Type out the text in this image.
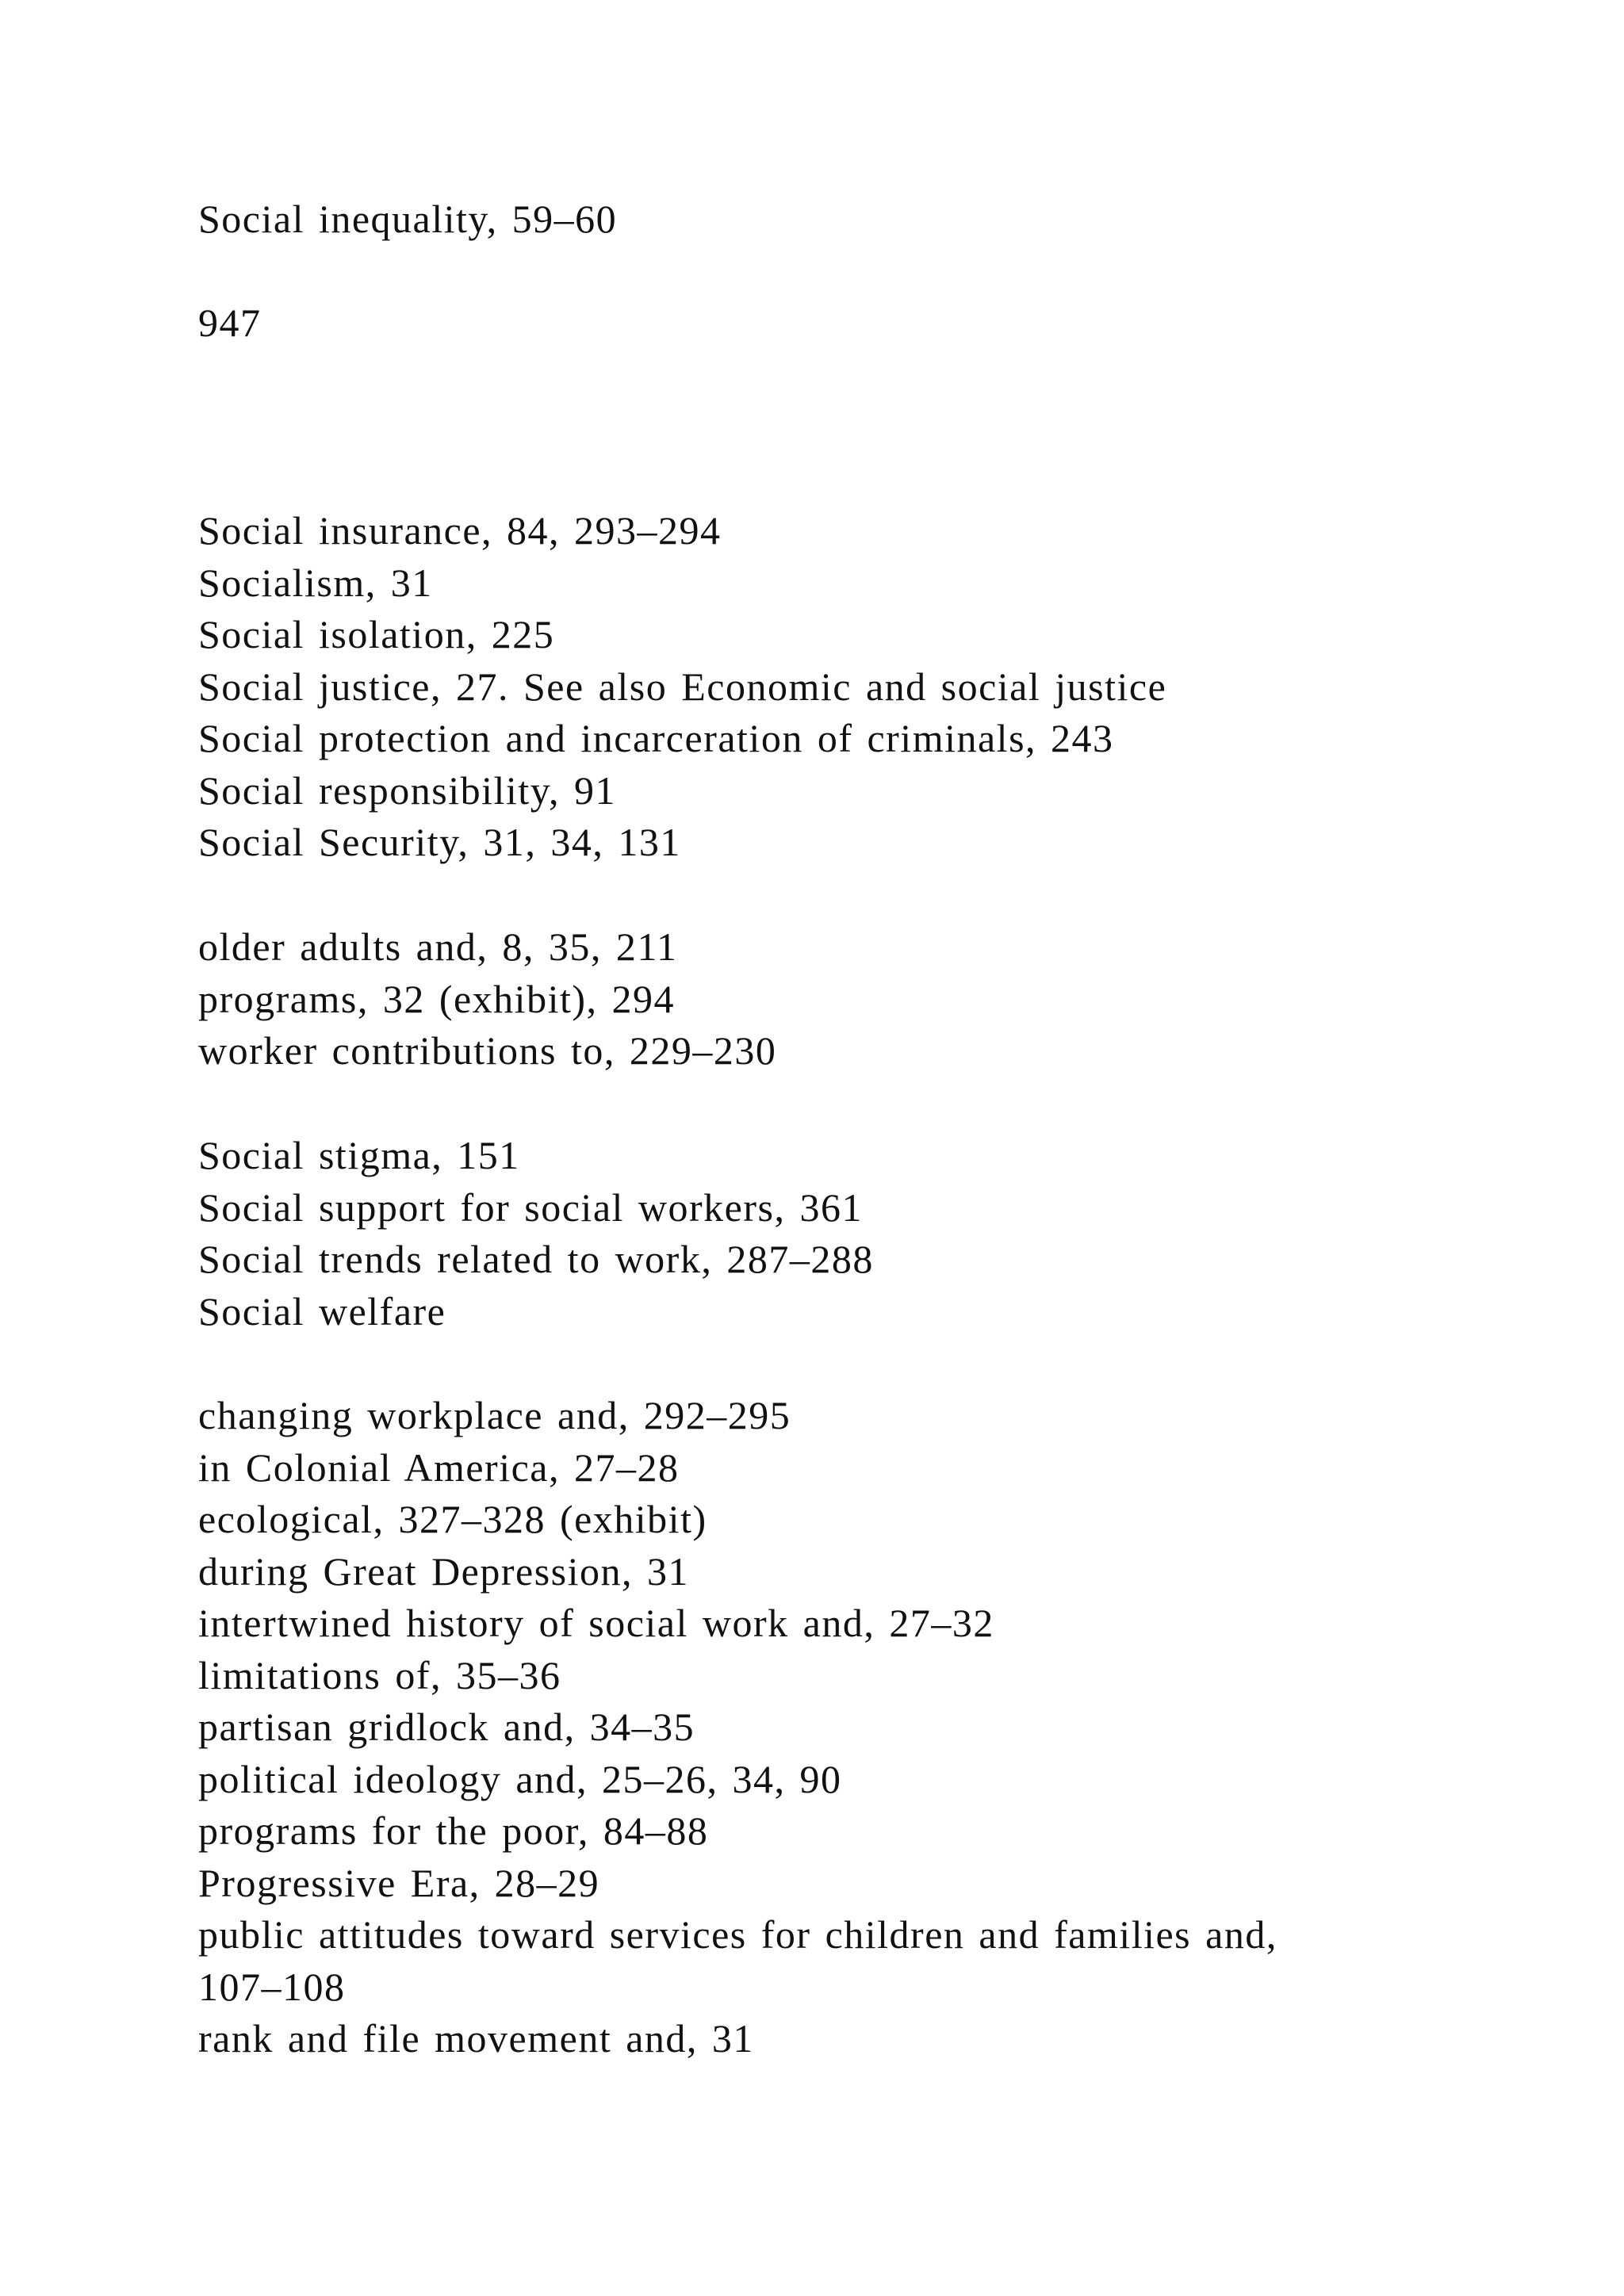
Social inequality, 59–60
947
Social insurance, 84, 293–294
Socialism, 31
Social isolation, 225
Social justice, 27. See also Economic and social justice
Social protection and incarceration of criminals, 243
Social responsibility, 91
Social Security, 31, 34, 131
older adults and, 8, 35, 211
programs, 32 (exhibit), 294
worker contributions to, 229–230
Social stigma, 151
Social support for social workers, 361
Social trends related to work, 287–288
Social welfare
changing workplace and, 292–295
in Colonial America, 27–28
ecological, 327–328 (exhibit)
during Great Depression, 31
intertwined history of social work and, 27–32
limitations of, 35–36
partisan gridlock and, 34–35
political ideology and, 25–26, 34, 90
programs for the poor, 84–88
Progressive Era, 28–29
public attitudes toward services for children and families and,
107–108
rank and file movement and, 31
